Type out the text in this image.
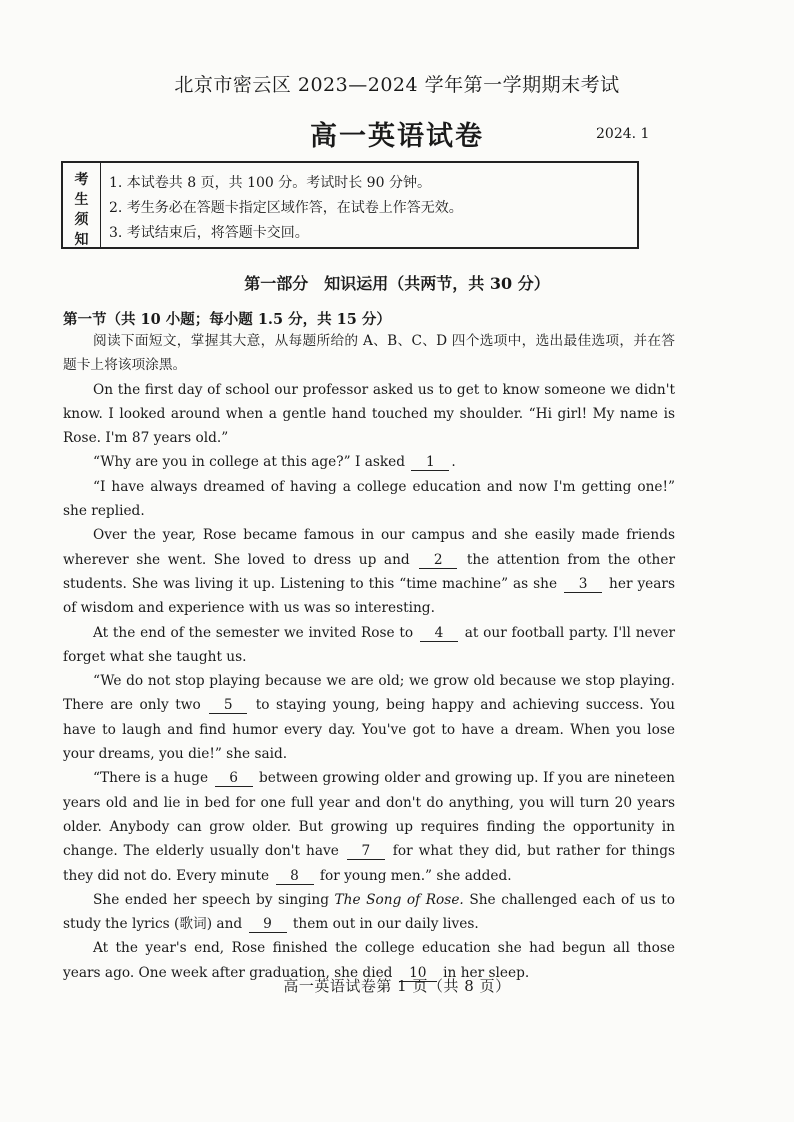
北京市密云区 2023—2024 学年第一学期期末考试
高一英语试卷	2024. 1
考
生
须
知
1. 本试卷共 8 页，共 100 分。考试时长 90 分钟。
2. 考生务必在答题卡指定区域作答，在试卷上作答无效。
3. 考试结束后，将答题卡交回。
第一部分　知识运用（共两节，共 30 分）
第一节（共 10 小题；每小题 1.5 分，共 15 分）

阅读下面短文，掌握其大意，从每题所给的 A、B、C、D 四个选项中，选出最佳选项，并在答题卡上将该项涂黑。

On the first day of school our professor asked us to get to know someone we didn't know. I looked around when a gentle hand touched my shoulder. “Hi girl! My name is Rose. I'm 87 years old.”

“Why are you in college at this age?” I asked 1 .

“I have always dreamed of having a college education and now I'm getting one!” she replied.

Over the year, Rose became famous in our campus and she easily made friends wherever she went. She loved to dress up and 2 the attention from the other students. She was living it up. Listening to this “time machine” as she 3 her years of wisdom and experience with us was so interesting.

At the end of the semester we invited Rose to 4 at our football party. I'll never forget what she taught us.

“We do not stop playing because we are old; we grow old because we stop playing. There are only two 5 to staying young, being happy and achieving success. You have to laugh and find humor every day. You've got to have a dream. When you lose your dreams, you die!” she said.

“There is a huge 6 between growing older and growing up. If you are nineteen years old and lie in bed for one full year and don't do anything, you will turn 20 years older. Anybody can grow older. But growing up requires finding the opportunity in change. The elderly usually don't have 7 for what they did, but rather for things they did not do. Every minute 8 for young men.” she added.

She ended her speech by singing The Song of Rose. She challenged each of us to study the lyrics (歌词) and 9 them out in our daily lives.

At the year's end, Rose finished the college education she had begun all those years ago. One week after graduation, she died 10 in her sleep.

高一英语试卷第 1 页（共 8 页）
